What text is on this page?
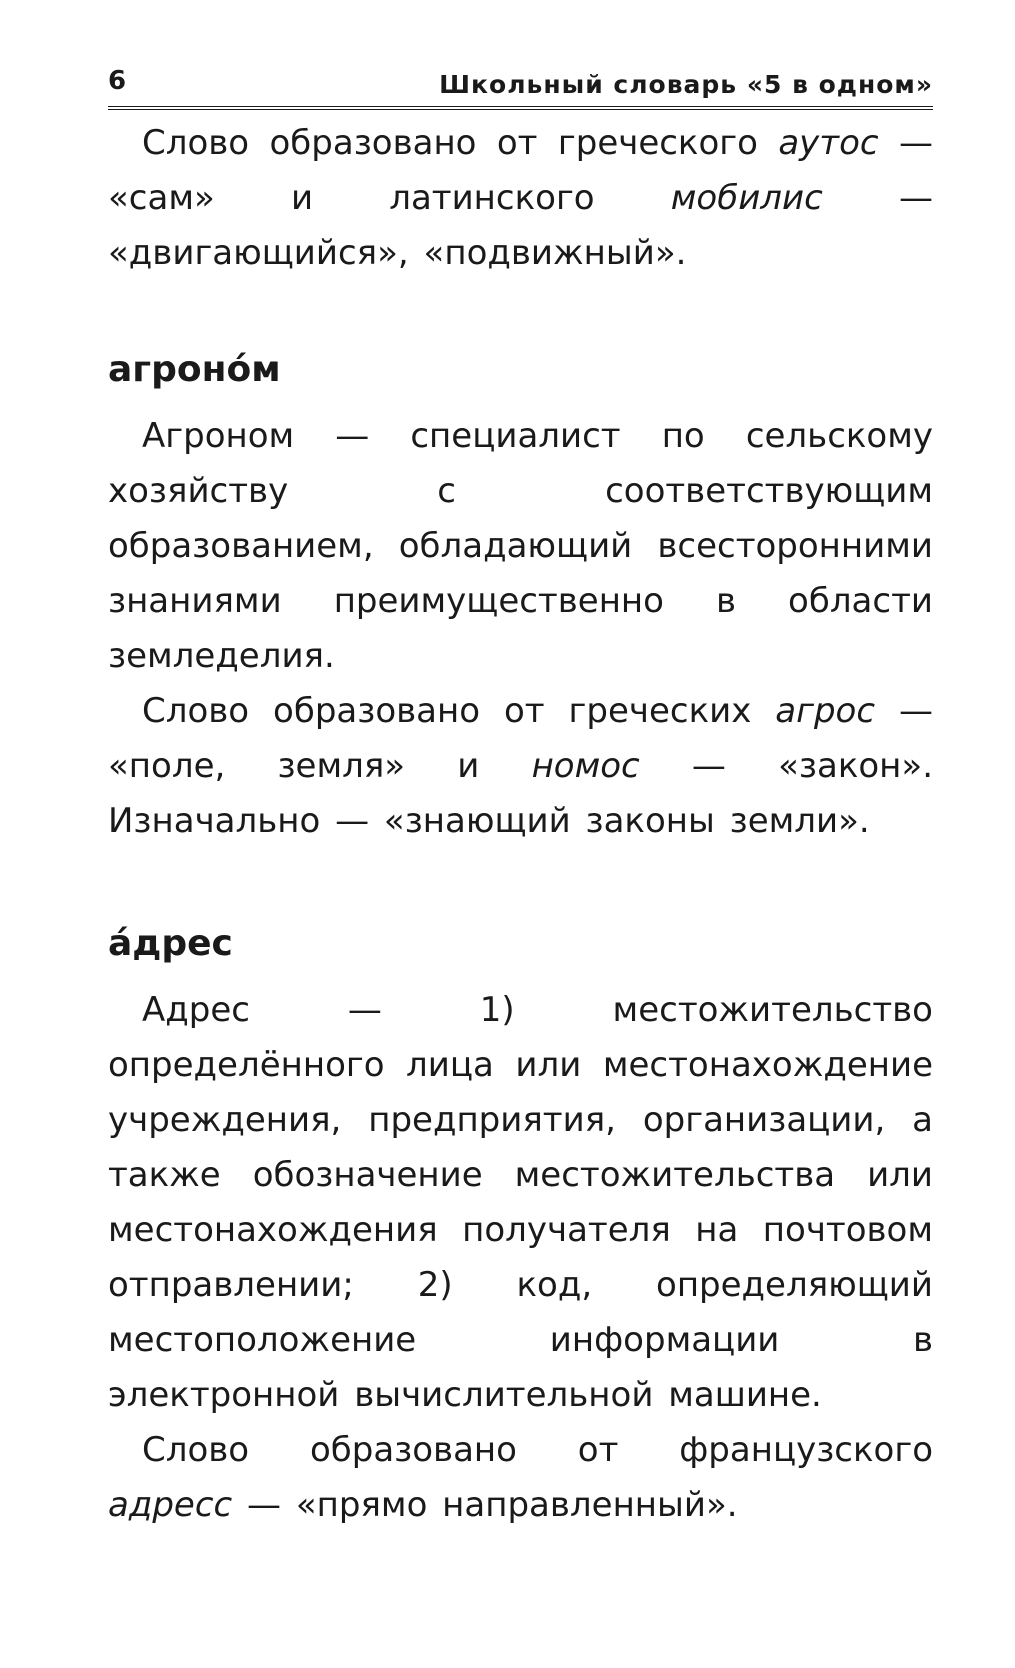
6	Школьный словарь «5 в одном»

Слово образовано от греческого аутос — «сам» и латинского мобилис — «двигающийся», «подвижный».

агроно́м

Агроном — специалист по сельскому хозяйству с соответствующим образованием, обладающий всесторонними знаниями преимущественно в области земледелия.

Слово образовано от греческих агрос — «поле, земля» и номос — «закон». Изначально — «знающий законы земли».

а́дрес

Адрес — 1) местожительство определённого лица или местонахождение учреждения, предприятия, организации, а также обозначение местожительства или местонахождения получателя на почтовом отправлении; 2) код, определяющий местоположение информации в электронной вычислительной машине.

Слово образовано от французского адресс — «прямо направленный».
